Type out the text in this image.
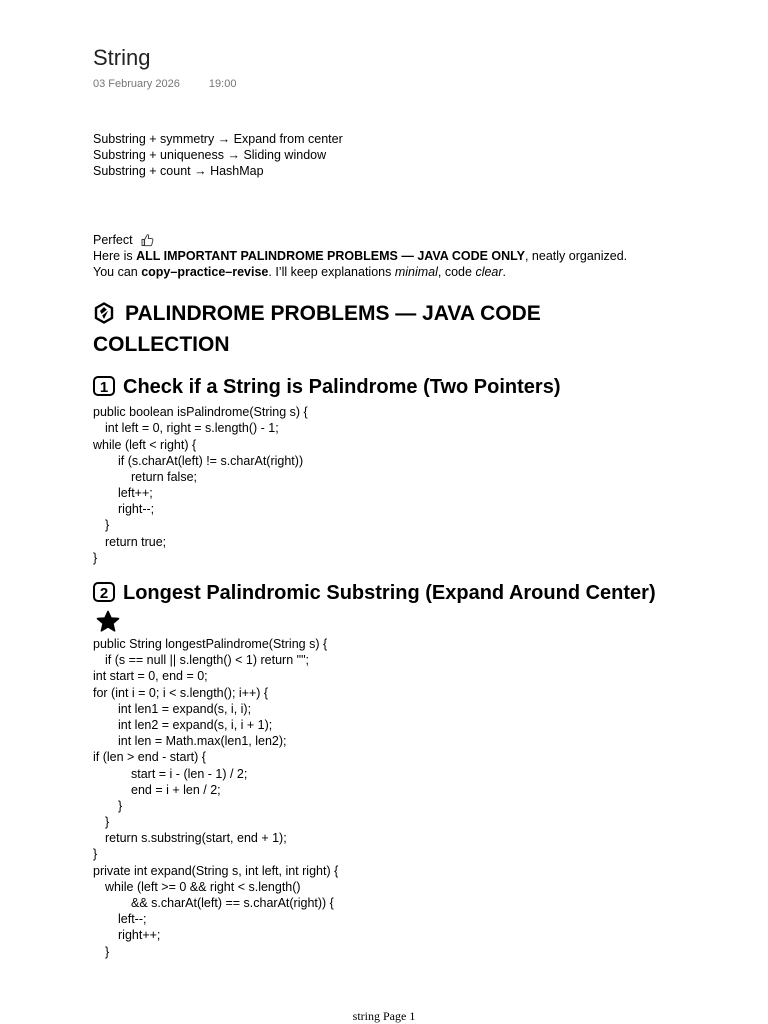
String
03 February 2026	19:00
Substring + symmetry → Expand from center
Substring + uniqueness → Sliding window
Substring + count → HashMap
Perfect
Here is ALL IMPORTANT PALINDROME PROBLEMS — JAVA CODE ONLY, neatly organized.
You can copy–practice–revise. I’ll keep explanations minimal, code clear.
PALINDROME PROBLEMS — JAVA CODE COLLECTION
1 Check if a String is Palindrome (Two Pointers)
public boolean isPalindrome(String s) {
int left = 0, right = s.length() - 1;
while (left < right) {
if (s.charAt(left) != s.charAt(right))
return false;
left++;
right--;
}
return true;
}
2 Longest Palindromic Substring (Expand Around Center)
public String longestPalindrome(String s) {
if (s == null || s.length() < 1) return "";
int start = 0, end = 0;
for (int i = 0; i < s.length(); i++) {
int len1 = expand(s, i, i);
int len2 = expand(s, i, i + 1);
int len = Math.max(len1, len2);
if (len > end - start) {
start = i - (len - 1) / 2;
end = i + len / 2;
}
}
return s.substring(start, end + 1);
}
private int expand(String s, int left, int right) {
while (left >= 0 && right < s.length()
&& s.charAt(left) == s.charAt(right)) {
left--;
right++;
}
string Page 1
